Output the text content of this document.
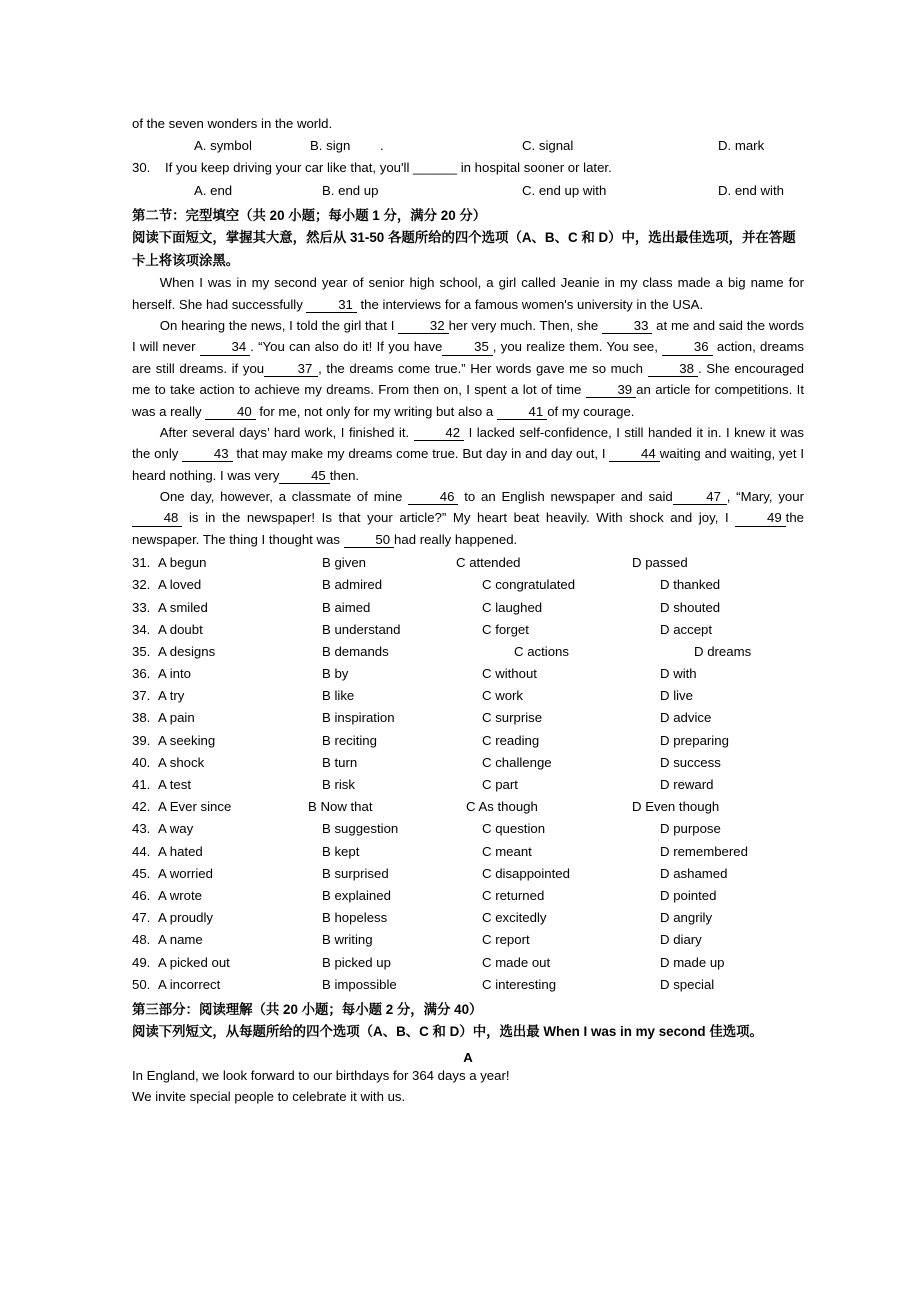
of the seven wonders in the world.
A. symbol	B. sign .	C. signal	D. mark
30.    If you keep driving your car like that, you'll ______ in hospital sooner or later.
A. end	B. end up	C. end up with	D. end with
第二节：完型填空（共 20 小题；每小题 1 分，满分 20 分）
阅读下面短文，掌握其大意，然后从 31-50 各题所给的四个选项（A、B、C 和 D）中，选出最佳选项，并在答题卡上将该项涂黑。
When I was in my second year of senior high school, a girl called Jeanie in my class made a big name for herself. She had successfully 31 the interviews for a famous women's university in the USA.
On hearing the news, I told the girl that I 32 her very much. Then, she 33 at me and said the words I will never 34 . “You can also do it! If you have 35 , you realize them. You see, 36 action, dreams are still dreams. if you	37 , the dreams come true.” Her words gave me so much 38 . She encouraged me to take action to achieve my dreams. From then on, I spent a lot of time 39 an article for competitions. It was a really 40 for me, not only for my writing but also a 41 of my courage.
After several days’ hard work, I finished it. 42 I lacked self-confidence, I still handed it in. I knew it was the only 43 that may make my dreams come true. But day in and day out, I 44 waiting and waiting, yet I heard nothing. I was very 45 then.
One day, however, a classmate of mine 46 to an English newspaper and said	47 , “Mary, your 48 is in the newspaper! Is that your article?” My heart beat heavily. With shock and joy, I 49 the newspaper. The thing I thought was 50 had really happened.
31. A begun	B given	C attended	D passed
32. A loved	B admired	C congratulated	D thanked
33. A smiled	B aimed	C laughed	D shouted
34. A doubt	B understand	C forget	D accept
35. A designs	B demands	C actions	D dreams
36. A into	B by	C without	D with
37. A try	B like	C work	D live
38. A pain	B inspiration	C surprise	D advice
39. A seeking	B reciting	C reading	D preparing
40. A shock	B turn	C challenge	D success
41. A test	B risk	C part	D reward
42. A Ever since	B Now that	C As though	D Even though
43. A way	B suggestion	C question	D purpose
44. A hated	B kept	C meant	D remembered
45. A worried	B surprised	C disappointed	D ashamed
46. A wrote	B explained	C returned	D pointed
47. A proudly	B hopeless	C excitedly	D angrily
48. A name	B writing	C report	D diary
49. A picked out	B picked up	C made out	D made up
50. A incorrect	B impossible	C interesting	D special
第三部分：阅读理解（共 20 小题；每小题 2 分，满分 40）
阅读下列短文，从每题所给的四个选项（A、B、C 和 D）中，选出最 When I was in my second 佳选项。
A
In England, we look forward to our birthdays for 364 days a year!
We invite special people to celebrate it with us.
